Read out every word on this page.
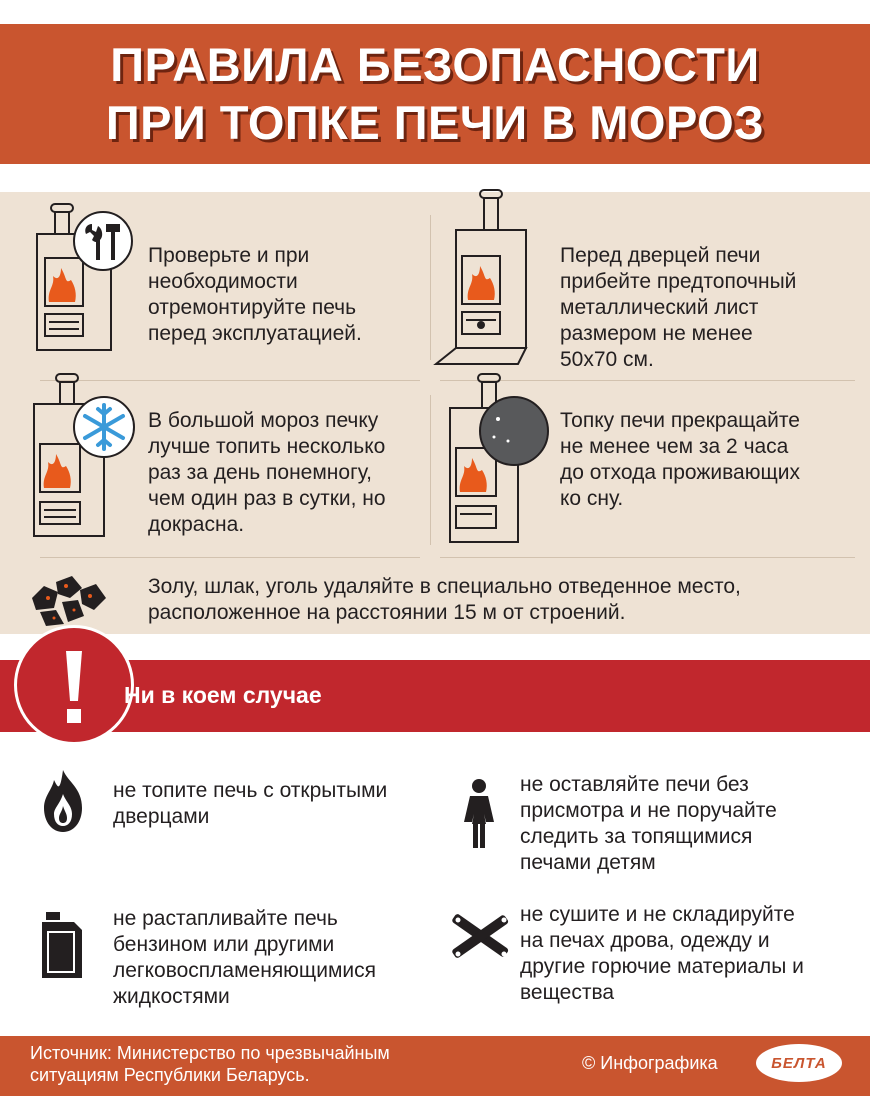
ПРАВИЛА БЕЗОПАСНОСТИ
ПРИ ТОПКЕ ПЕЧИ В МОРОЗ
Проверьте и при
необходимости
отремонтируйте печь
перед эксплуатацией.
Перед дверцей печи
прибейте предтопочный
металлический лист
размером не менее
50х70 см.
В большой мороз печку
лучше топить несколько
раз за день понемногу,
чем один раз в сутки, но
докрасна.
Топку печи прекращайте
не менее чем за 2 часа
до отхода проживающих
ко сну.
Золу, шлак, уголь удаляйте в специально отведенное место,
расположенное на расстоянии 15 м от строений.
Ни в коем случае
не топите печь с открытыми
дверцами
не оставляйте печи без
присмотра и не поручайте
следить за топящимися
печами детям
не растапливайте печь
бензином или другими
легковоспламеняющимися
жидкостями
не сушите и не складируйте
на печах дрова, одежду и
другие горючие материалы и
вещества
Источник: Министерство по чрезвычайным
ситуациям Республики Беларусь.
© Инфографика	БЕЛТА
